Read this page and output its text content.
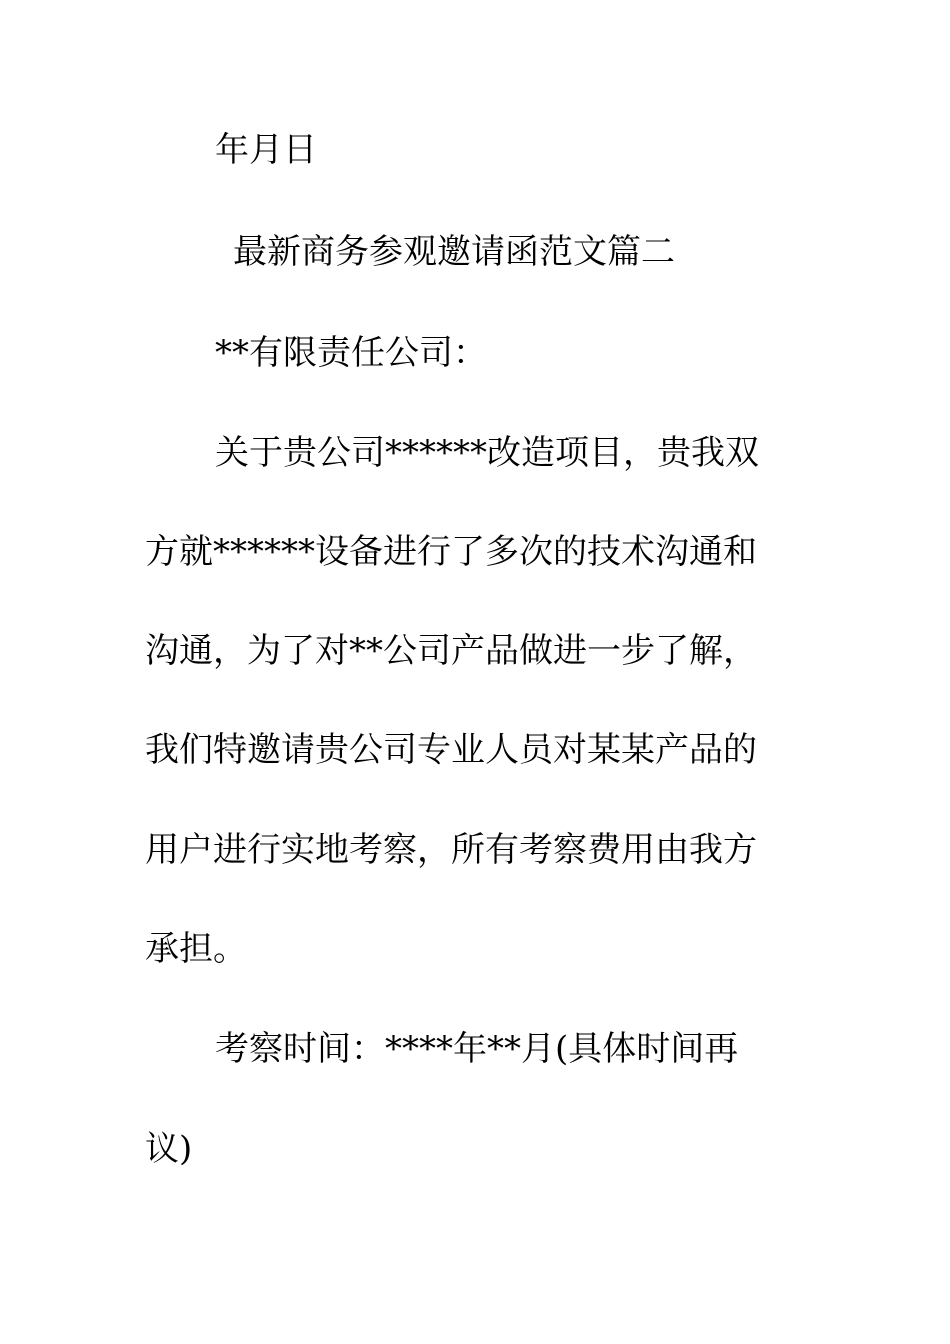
年月日
最新商务参观邀请函范文篇二
**有限责任公司：
关于贵公司******改造项目，贵我双
方就******设备进行了多次的技术沟通和
沟通，为了对**公司产品做进一步了解，
我们特邀请贵公司专业人员对某某产品的
用户进行实地考察，所有考察费用由我方
承担。
考察时间：****年**月(具体时间再
议)
